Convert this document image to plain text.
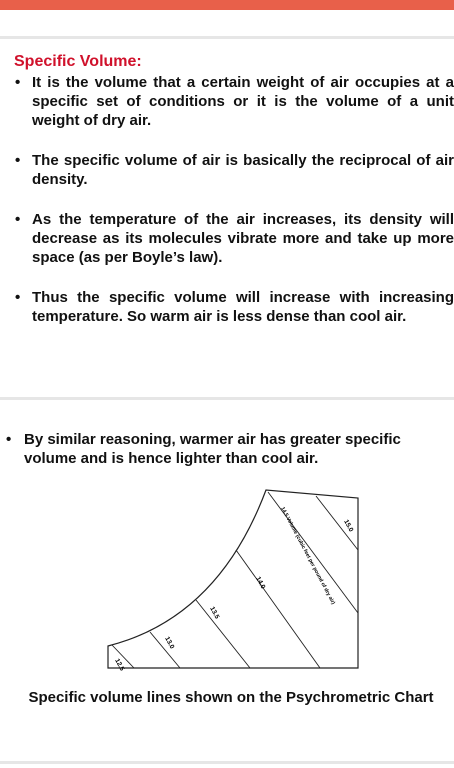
Specific Volume:
• It is the volume that a certain weight of air occupies at a specific set of conditions or it is the volume of a unit weight of dry air.
• The specific volume of air is basically the reciprocal of air density.
• As the temperature of the air increases, its density will decrease as its molecules vibrate more and take up more space (as per Boyle’s law).
• Thus the specific volume will increase with increasing temperature. So warm air is less dense than cool air.
• By similar reasoning, warmer air has greater specific volume and is hence lighter than cool air.
12.5
13.0
13.5
14.0 14.5 Volume (cubic feet per pound of dry air) 15.0
Specific volume lines shown on the Psychrometric Chart
